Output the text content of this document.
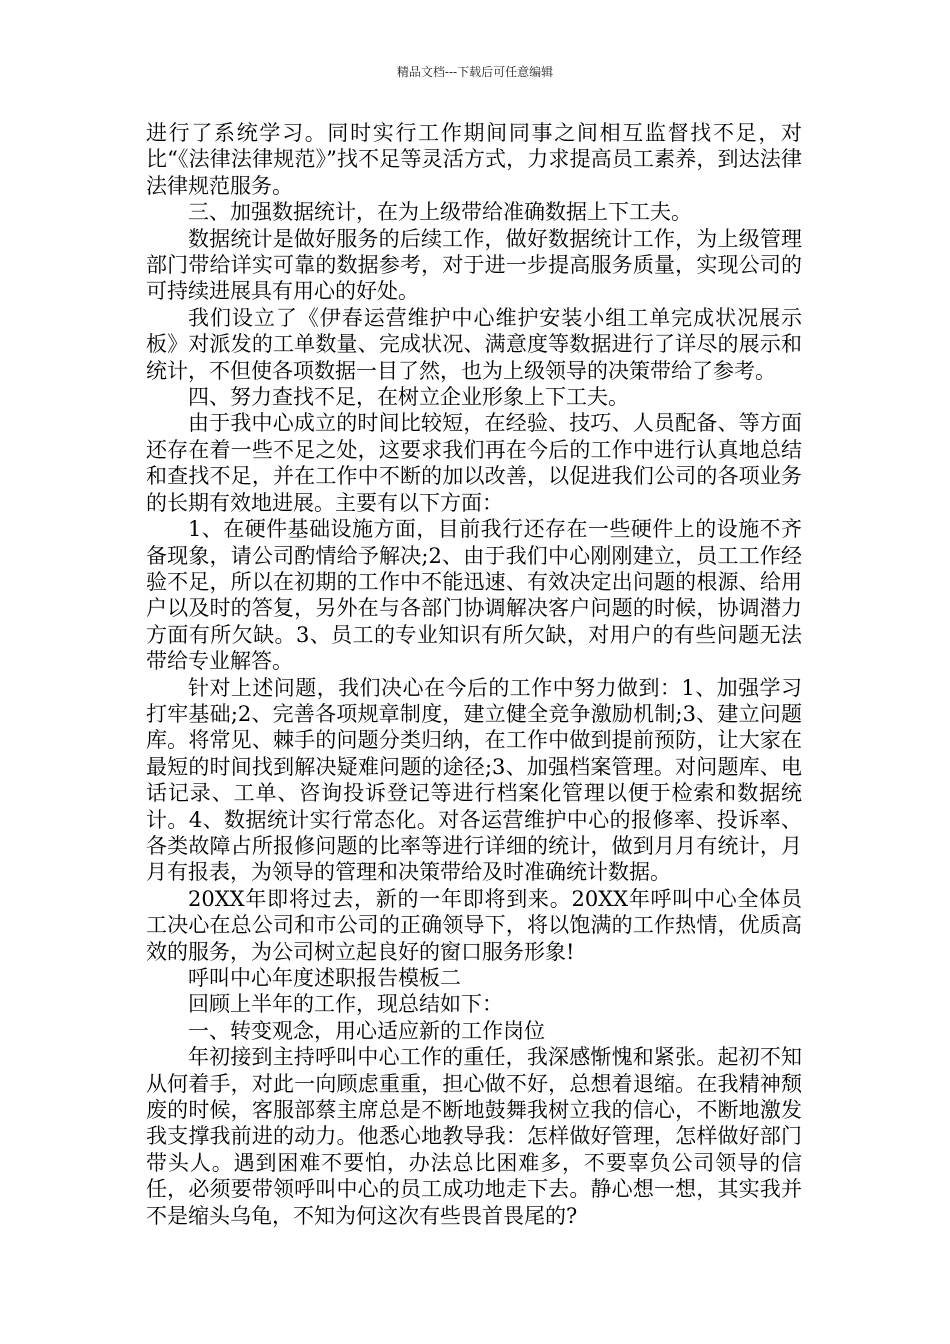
精品文档---下载后可任意编辑

进行了系统学习。同时实行工作期间同事之间相互监督找不足，对比“《法律法律规范》”找不足等灵活方式，力求提高员工素养，到达法律法律规范服务。

三、加强数据统计，在为上级带给准确数据上下工夫。

数据统计是做好服务的后续工作，做好数据统计工作，为上级管理部门带给详实可靠的数据参考，对于进一步提高服务质量，实现公司的可持续进展具有用心的好处。

我们设立了《伊春运营维护中心维护安装小组工单完成状况展示板》对派发的工单数量、完成状况、满意度等数据进行了详尽的展示和统计，不但使各项数据一目了然，也为上级领导的决策带给了参考。

四、努力查找不足，在树立企业形象上下工夫。

由于我中心成立的时间比较短，在经验、技巧、人员配备、等方面还存在着一些不足之处，这要求我们再在今后的工作中进行认真地总结和查找不足，并在工作中不断的加以改善，以促进我们公司的各项业务的长期有效地进展。主要有以下方面：

1、在硬件基础设施方面，目前我行还存在一些硬件上的设施不齐备现象，请公司酌情给予解决;2、由于我们中心刚刚建立，员工工作经验不足，所以在初期的工作中不能迅速、有效决定出问题的根源、给用户以及时的答复，另外在与各部门协调解决客户问题的时候，协调潜力方面有所欠缺。3、员工的专业知识有所欠缺，对用户的有些问题无法带给专业解答。

针对上述问题，我们决心在今后的工作中努力做到：1、加强学习打牢基础;2、完善各项规章制度，建立健全竞争激励机制;3、建立问题库。将常见、棘手的问题分类归纳，在工作中做到提前预防，让大家在最短的时间找到解决疑难问题的途径;3、加强档案管理。对问题库、电话记录、工单、咨询投诉登记等进行档案化管理以便于检索和数据统计。4、数据统计实行常态化。对各运营维护中心的报修率、投诉率、各类故障占所报修问题的比率等进行详细的统计，做到月月有统计，月月有报表，为领导的管理和决策带给及时准确统计数据。

20XX年即将过去，新的一年即将到来。20XX年呼叫中心全体员工决心在总公司和市公司的正确领导下，将以饱满的工作热情，优质高效的服务，为公司树立起良好的窗口服务形象!

呼叫中心年度述职报告模板二

回顾上半年的工作，现总结如下：

一、转变观念，用心适应新的工作岗位

年初接到主持呼叫中心工作的重任，我深感惭愧和紧张。起初不知从何着手，对此一向顾虑重重，担心做不好，总想着退缩。在我精神颓废的时候，客服部蔡主席总是不断地鼓舞我树立我的信心，不断地激发我支撑我前进的动力。他悉心地教导我：怎样做好管理，怎样做好部门带头人。遇到困难不要怕，办法总比困难多，不要辜负公司领导的信任，必须要带领呼叫中心的员工成功地走下去。静心想一想，其实我并不是缩头乌龟，不知为何这次有些畏首畏尾的?
